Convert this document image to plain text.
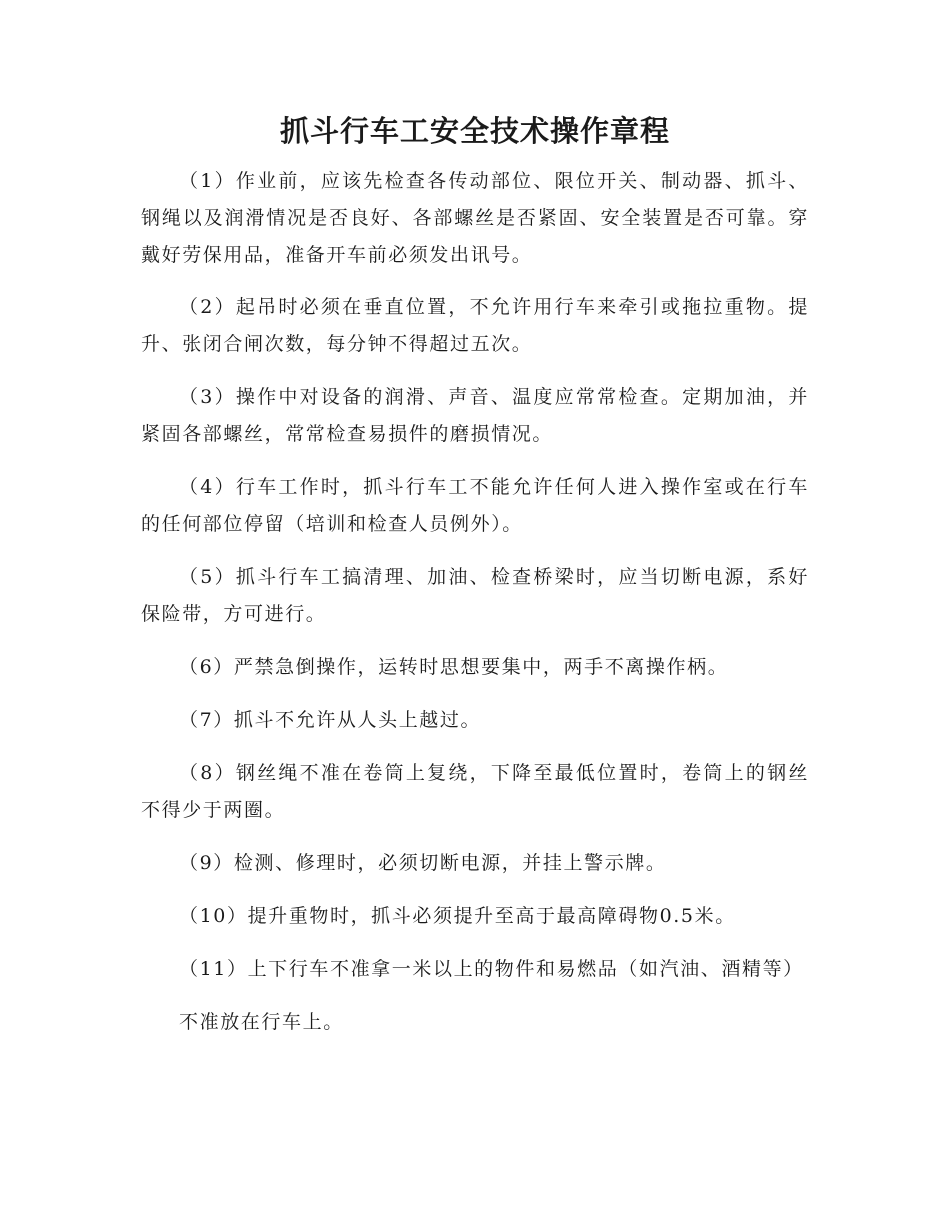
抓斗行车工安全技术操作章程

（1）作业前，应该先检查各传动部位、限位开关、制动器、抓斗、钢绳以及润滑情况是否良好、各部螺丝是否紧固、安全装置是否可靠。穿戴好劳保用品，准备开车前必须发出讯号。

（2）起吊时必须在垂直位置，不允许用行车来牵引或拖拉重物。提升、张闭合闸次数，每分钟不得超过五次。

（3）操作中对设备的润滑、声音、温度应常常检查。定期加油，并紧固各部螺丝，常常检查易损件的磨损情况。

（4）行车工作时，抓斗行车工不能允许任何人进入操作室或在行车的任何部位停留（培训和检查人员例外）。

（5）抓斗行车工搞清理、加油、检查桥梁时，应当切断电源，系好保险带，方可进行。

（6）严禁急倒操作，运转时思想要集中，两手不离操作柄。

（7）抓斗不允许从人头上越过。

（8）钢丝绳不准在卷筒上复绕，下降至最低位置时，卷筒上的钢丝不得少于两圈。

（9）检测、修理时，必须切断电源，并挂上警示牌。

（10）提升重物时，抓斗必须提升至高于最高障碍物0.5米。

（11）上下行车不准拿一米以上的物件和易燃品（如汽油、酒精等）

不准放在行车上。
